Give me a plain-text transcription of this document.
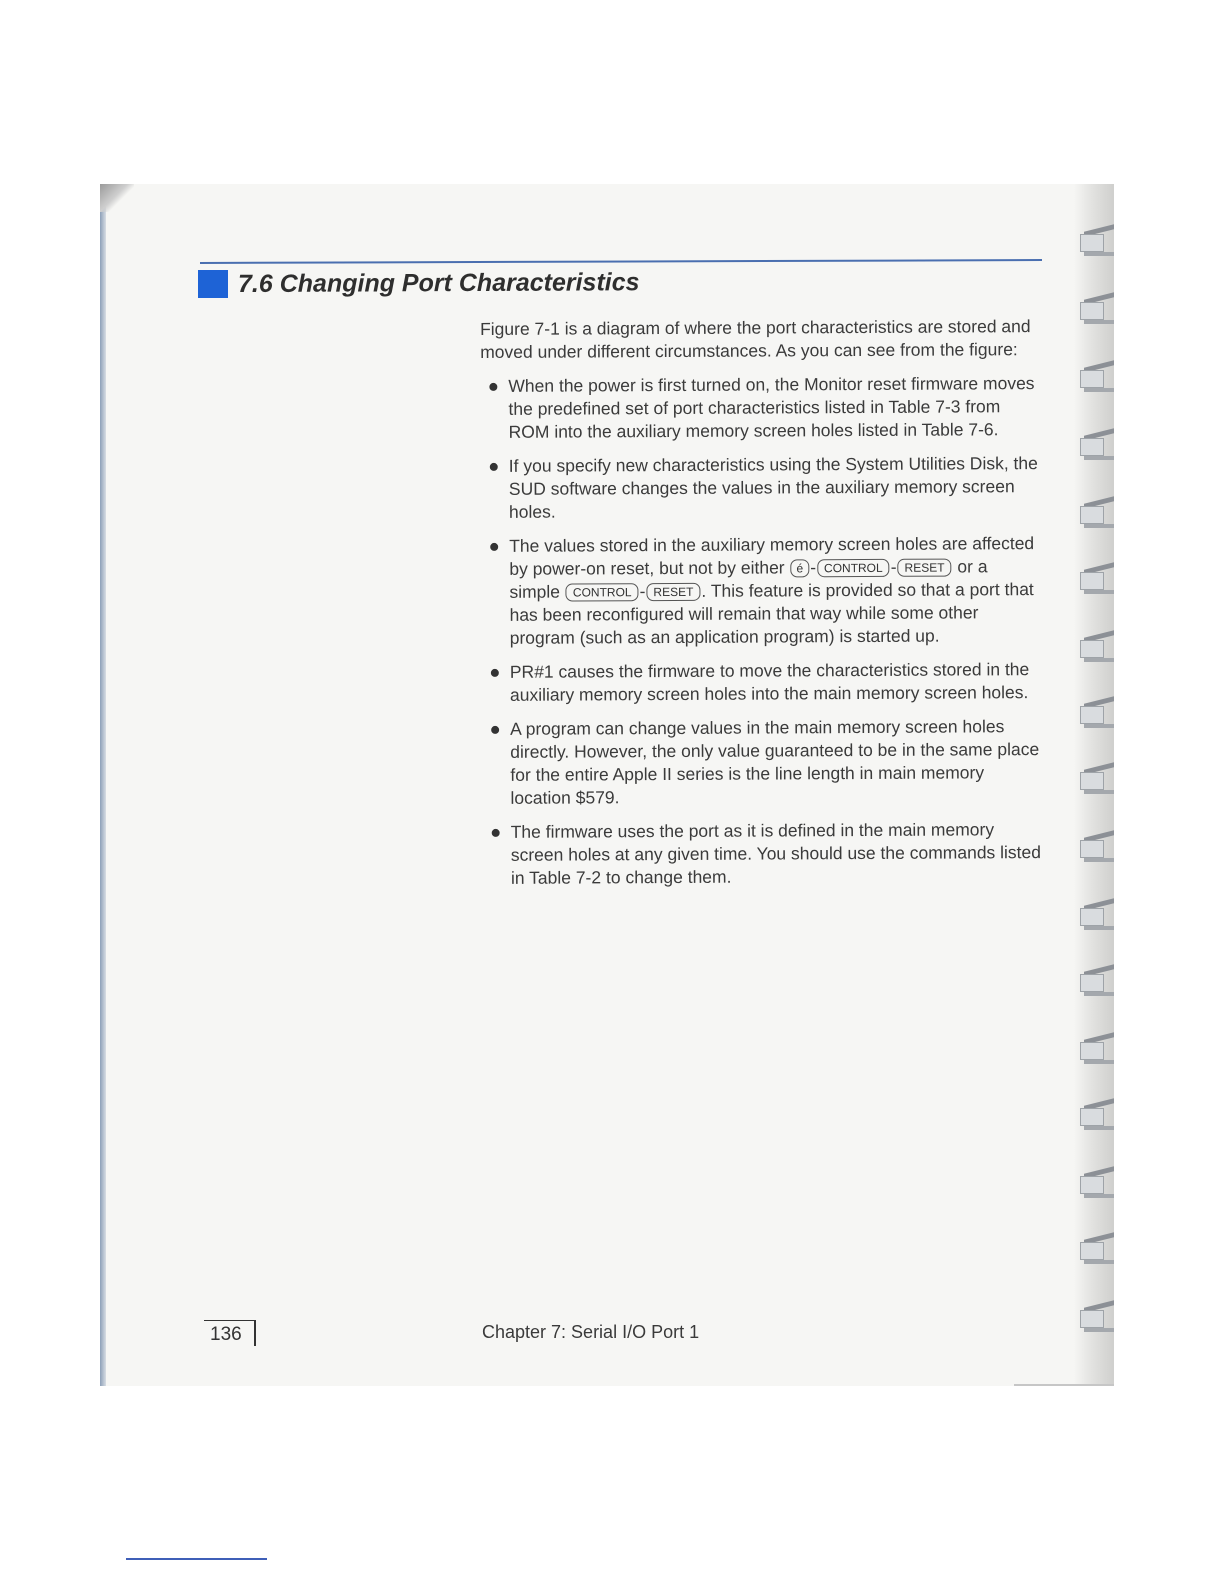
7.6 Changing Port Characteristics

Figure 7-1 is a diagram of where the port characteristics are stored and moved under different circumstances. As you can see from the figure:

When the power is first turned on, the Monitor reset firmware moves the predefined set of port characteristics listed in Table 7-3 from ROM into the auxiliary memory screen holes listed in Table 7-6.
If you specify new characteristics using the System Utilities Disk, the SUD software changes the values in the auxiliary memory screen holes.
The values stored in the auxiliary memory screen holes are affected by power-on reset, but not by either é - CONTROL - RESET or a simple CONTROL - RESET . This feature is provided so that a port that has been reconfigured will remain that way while some other program (such as an application program) is started up.
PR#1 causes the firmware to move the characteristics stored in the auxiliary memory screen holes into the main memory screen holes.
A program can change values in the main memory screen holes directly. However, the only value guaranteed to be in the same place for the entire Apple II series is the line length in main memory location $579.
The firmware uses the port as it is defined in the main memory screen holes at any given time. You should use the commands listed in Table 7-2 to change them.
136	Chapter 7: Serial I/O Port 1
